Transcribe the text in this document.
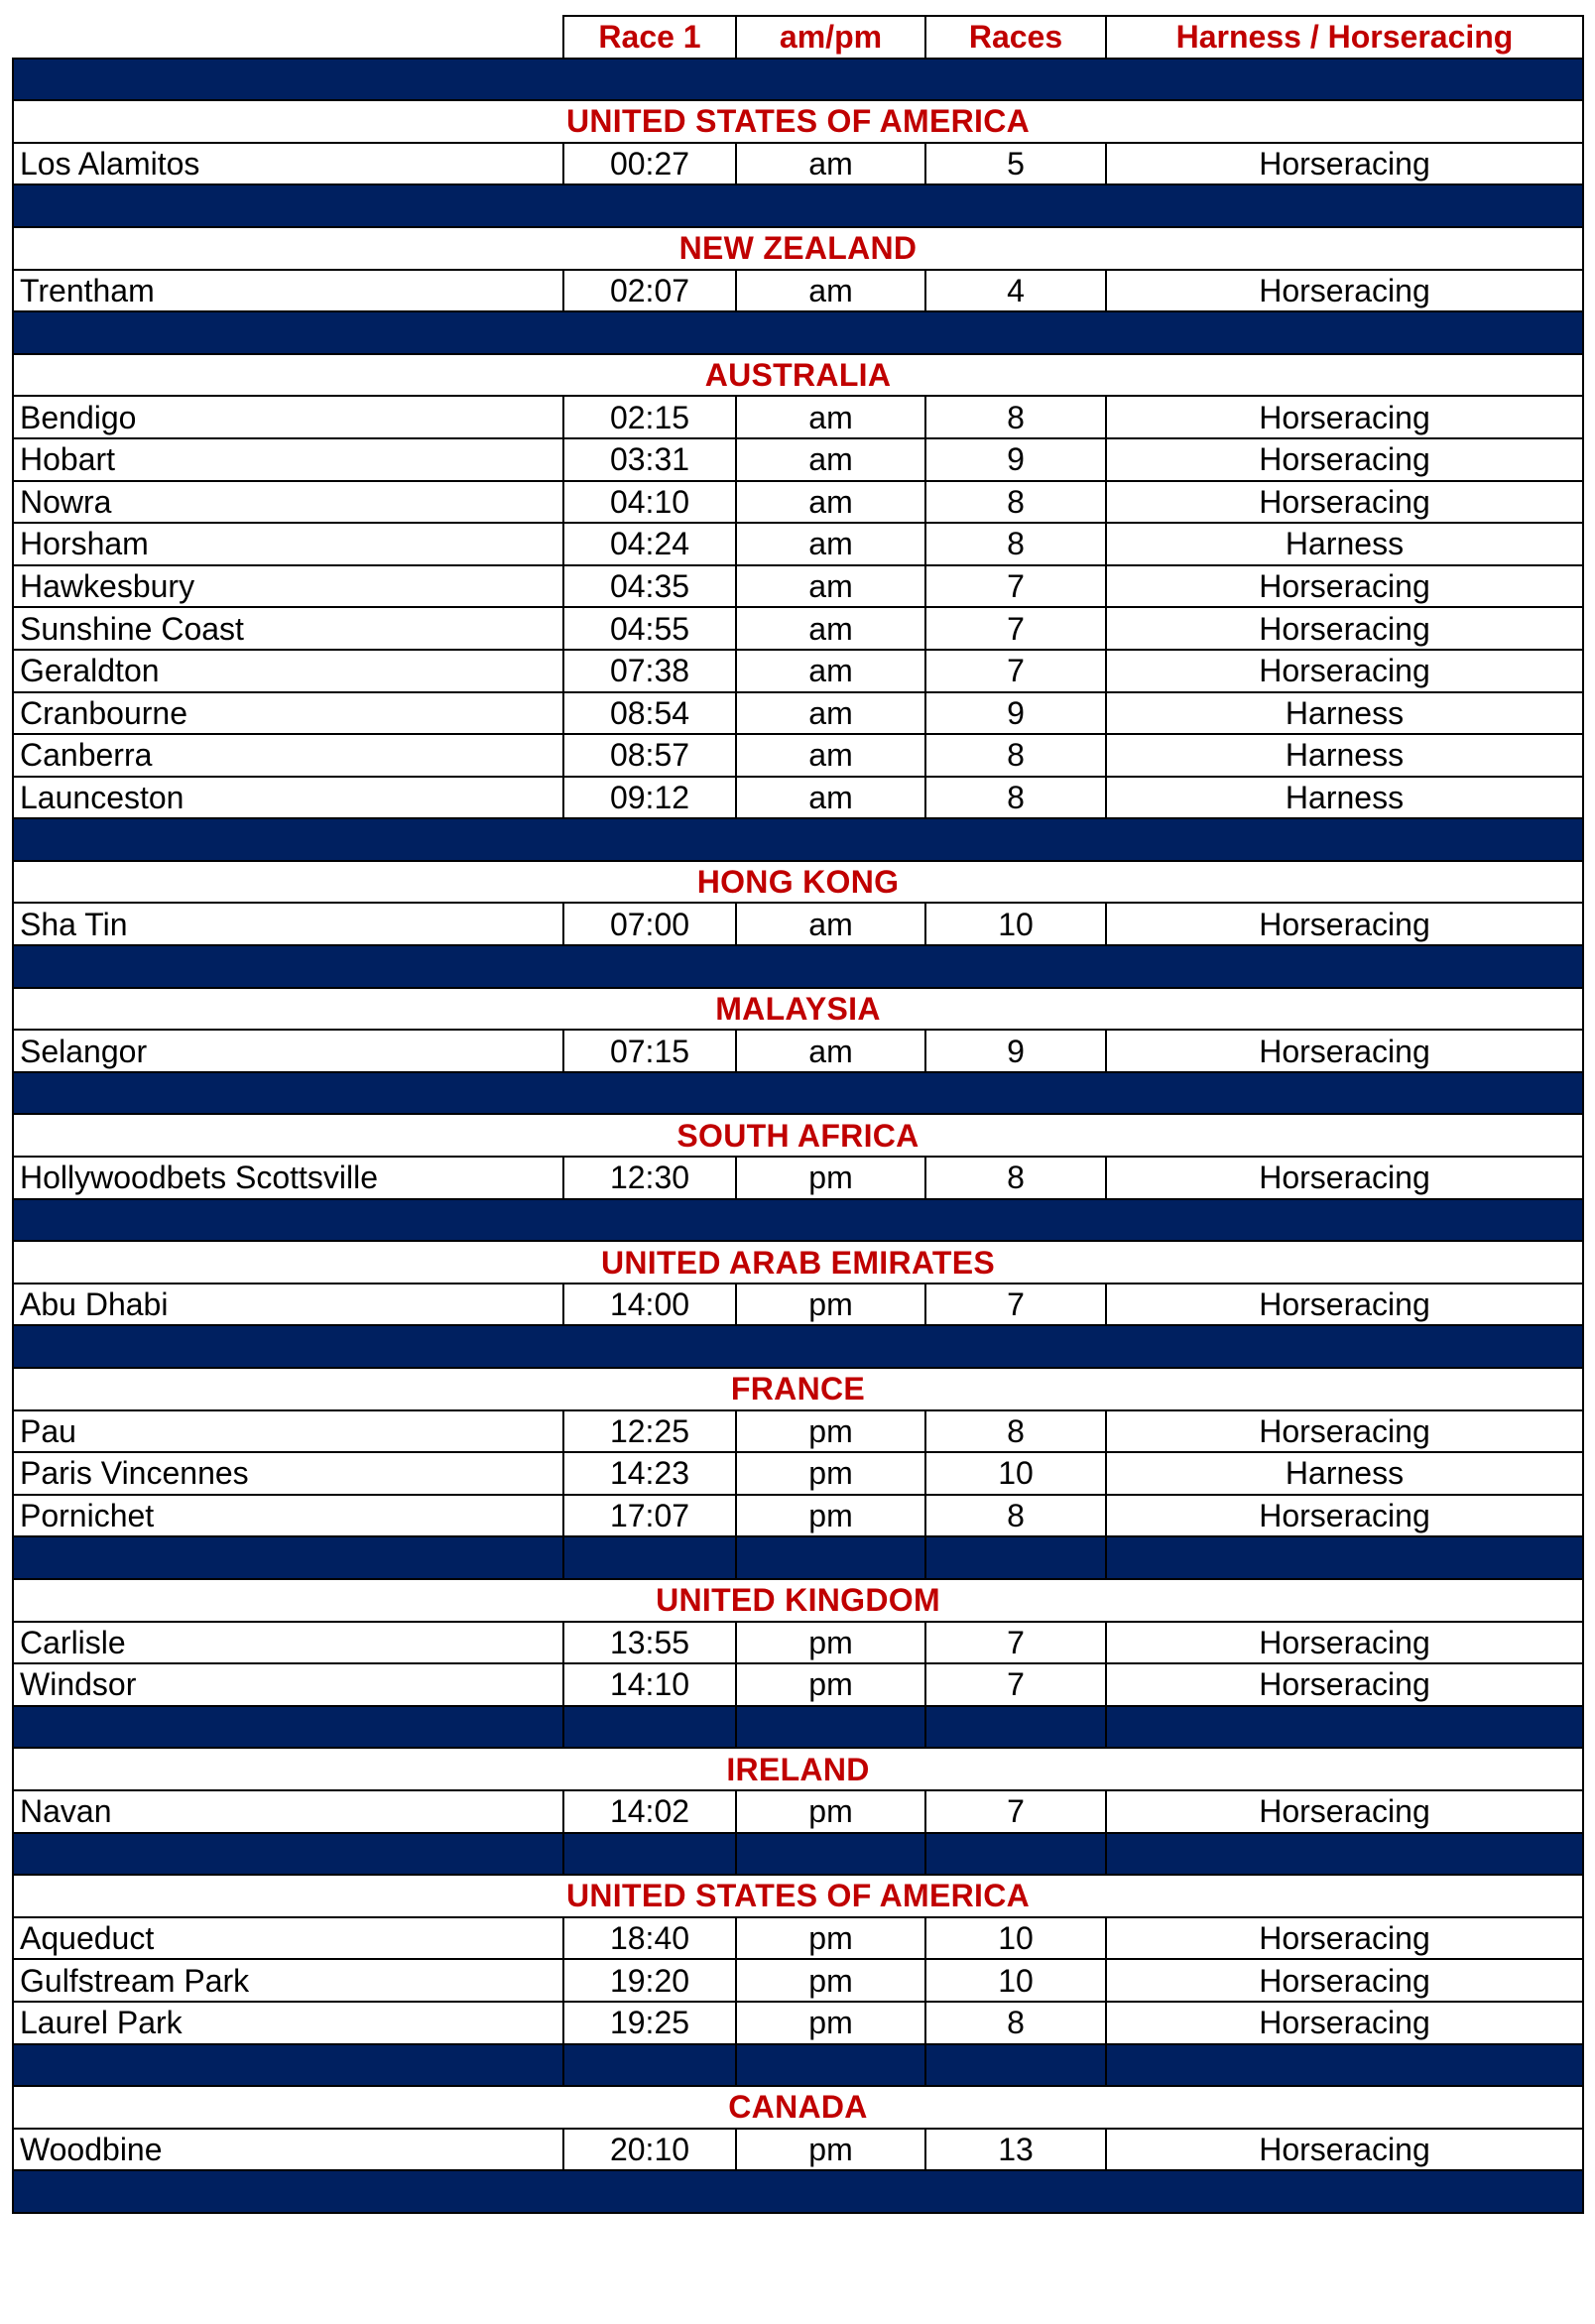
	Race 1	am/pm	Races	Harness / Horseracing

UNITED STATES OF AMERICA				
Los Alamitos	00:27	am	5	Horseracing

NEW ZEALAND				
Trentham	02:07	am	4	Horseracing

AUSTRALIA				
Bendigo	02:15	am	8	Horseracing
Hobart	03:31	am	9	Horseracing
Nowra	04:10	am	8	Horseracing
Horsham	04:24	am	8	Harness
Hawkesbury	04:35	am	7	Horseracing
Sunshine Coast	04:55	am	7	Horseracing
Geraldton	07:38	am	7	Horseracing
Cranbourne	08:54	am	9	Harness
Canberra	08:57	am	8	Harness
Launceston	09:12	am	8	Harness

HONG KONG				
Sha Tin	07:00	am	10	Horseracing

MALAYSIA				
Selangor	07:15	am	9	Horseracing

SOUTH AFRICA				
Hollywoodbets Scottsville	12:30	pm	8	Horseracing

UNITED ARAB EMIRATES				
Abu Dhabi	14:00	pm	7	Horseracing

FRANCE				
Pau	12:25	pm	8	Horseracing
Paris Vincennes	14:23	pm	10	Harness
Pornichet	17:07	pm	8	Horseracing

UNITED KINGDOM				
Carlisle	13:55	pm	7	Horseracing
Windsor	14:10	pm	7	Horseracing

IRELAND				
Navan	14:02	pm	7	Horseracing

UNITED STATES OF AMERICA				
Aqueduct	18:40	pm	10	Horseracing
Gulfstream Park	19:20	pm	10	Horseracing
Laurel Park	19:25	pm	8	Horseracing

CANADA				
Woodbine	20:10	pm	13	Horseracing
